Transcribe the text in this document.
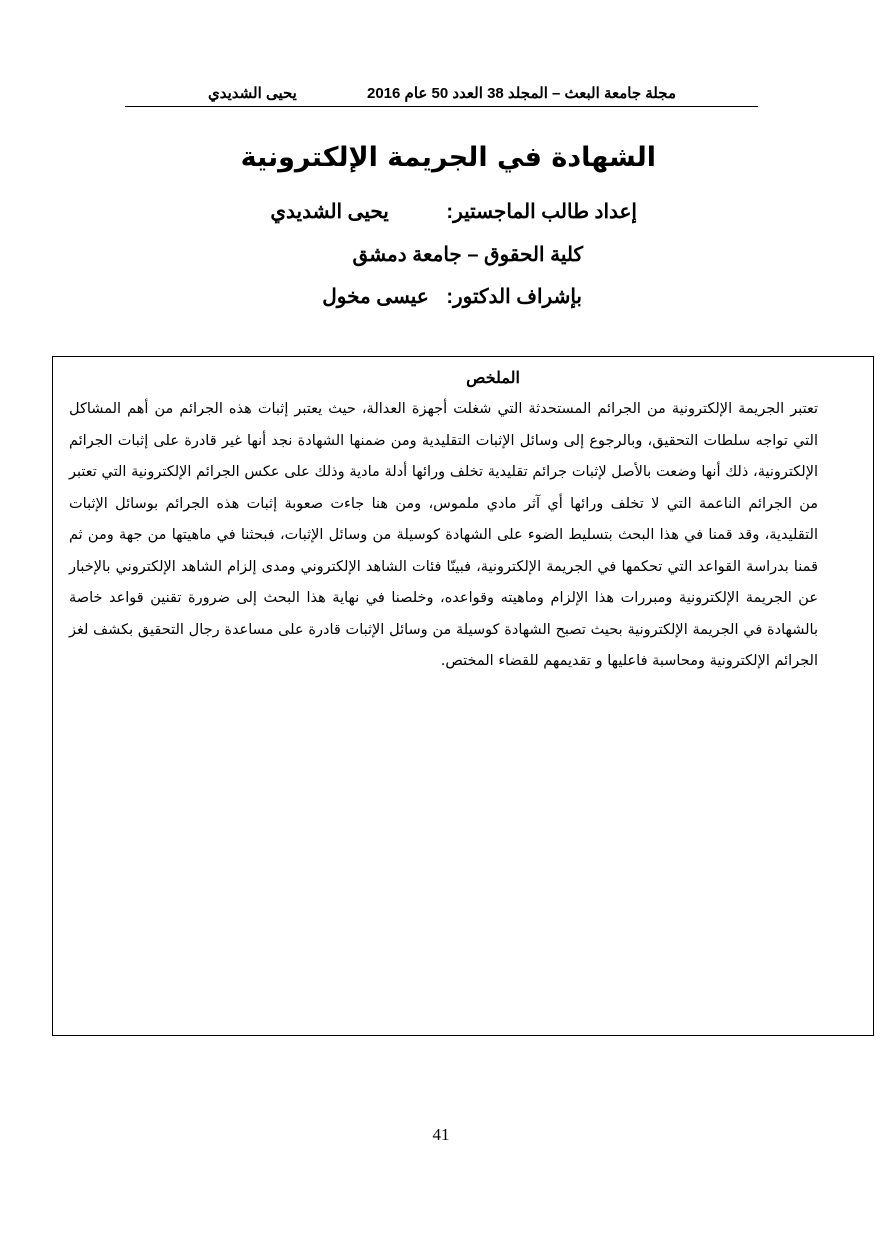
مجلة جامعة البعث – المجلد 38 العدد 50 عام 2016
يحيى الشديدي
الشهادة في الجريمة الإلكترونية
إعداد طالب الماجستير: يحيى الشديدي
كلية الحقوق – جامعة دمشق
بإشراف الدكتور: عيسى مخول
الملخص
تعتبر الجريمة الإلكترونية من الجرائم المستحدثة التي شغلت أجهزة العدالة، حيث يعتبر إثبات هذه الجرائم من أهم المشاكل التي تواجه سلطات التحقيق، وبالرجوع إلى وسائل الإثبات التقليدية ومن ضمنها الشهادة نجد أنها غير قادرة على إثبات الجرائم الإلكترونية، ذلك أنها وضعت بالأصل لإثبات جرائم تقليدية تخلف ورائها أدلة مادية وذلك على عكس الجرائم الإلكترونية التي تعتبر من الجرائم الناعمة التي لا تخلف ورائها أي آثر مادي ملموس، ومن هنا جاءت صعوبة إثبات هذه الجرائم بوسائل الإثبات التقليدية، وقد قمنا في هذا البحث بتسليط الضوء على الشهادة كوسيلة من وسائل الإثبات، فبحثنا في ماهيتها من جهة ومن ثم قمنا بدراسة القواعد التي تحكمها في الجريمة الإلكترونية، فبينّا فئات الشاهد الإلكتروني ومدى إلزام الشاهد الإلكتروني بالإخبار عن الجريمة الإلكترونية ومبررات هذا الإلزام وماهيته وقواعده، وخلصنا في نهاية هذا البحث إلى ضرورة تقنين قواعد خاصة بالشهادة في الجريمة الإلكترونية بحيث تصبح الشهادة كوسيلة من وسائل الإثبات قادرة على مساعدة رجال التحقيق بكشف لغز الجرائم الإلكترونية ومحاسبة فاعليها و تقديمهم للقضاء المختص.
41
